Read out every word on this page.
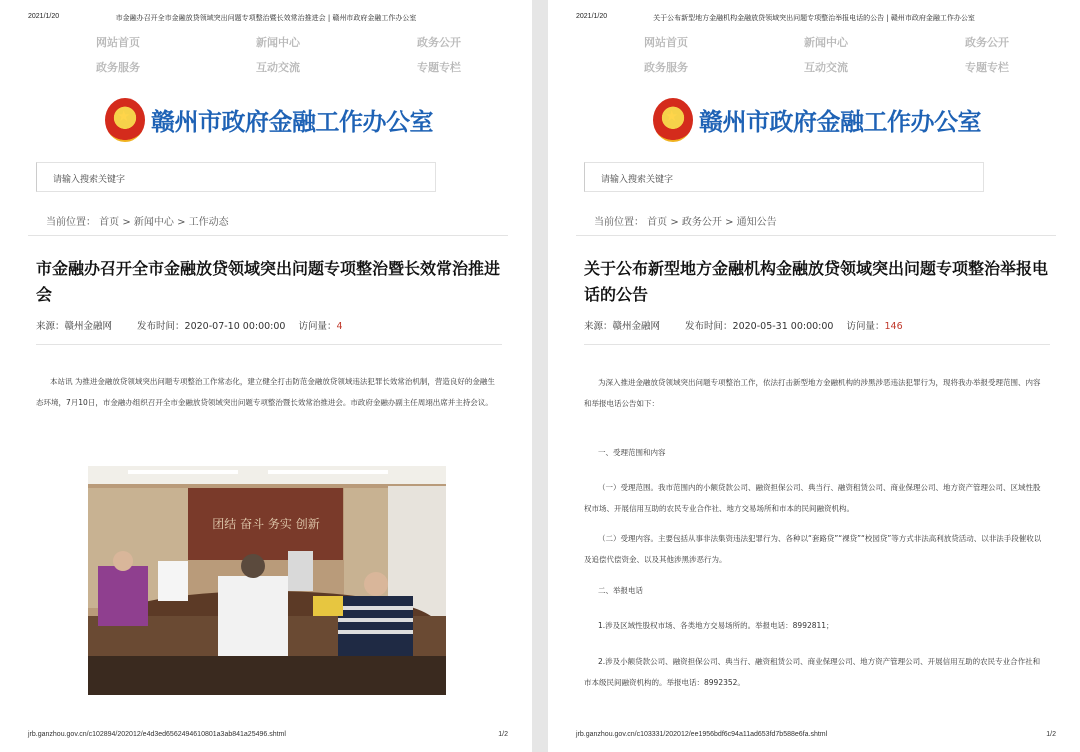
2021/1/20	市金融办召开全市金融放贷领域突出问题专项整治暨长效常治推进会 | 赣州市政府金融工作办公室
网站首页	新闻中心	政务公开
政务服务	互动交流	专题专栏
★
赣州市政府金融工作办公室
请输入搜索关键字
当前位置： 首页 > 新闻中心 > 工作动态
市金融办召开全市金融放贷领域突出问题专项整治暨长效常治推进会
来源：赣州金融网	发布时间：2020-07-10 00:00:00 访问量：4
本站讯 为推进金融放贷领域突出问题专项整治工作常态化，建立健全打击防范金融放贷领域违法犯罪长效常治机制，营造良好的金融生态环境，7月10日，市金融办组织召开全市金融放贷领域突出问题专项整治暨长效常治推进会。市政府金融办副主任周翊出席并主持会议。
团结 奋斗 务实 创新
jrb.ganzhou.gov.cn/c102894/202012/e4d3ed6562494610801a3ab841a25496.shtml	1/2
2021/1/20	关于公布新型地方金融机构金融放贷领域突出问题专项整治举报电话的公告 | 赣州市政府金融工作办公室
网站首页	新闻中心	政务公开
政务服务	互动交流	专题专栏
★
赣州市政府金融工作办公室
请输入搜索关键字
当前位置： 首页 > 政务公开 > 通知公告
关于公布新型地方金融机构金融放贷领域突出问题专项整治举报电话的公告
来源：赣州金融网	发布时间：2020-05-31 00:00:00 访问量：146
为深入推进金融放贷领域突出问题专项整治工作，依法打击新型地方金融机构的涉黑涉恶违法犯罪行为，现将我办举报受理范围、内容和举报电话公告如下：
一、受理范围和内容
（一）受理范围。我市范围内的小额贷款公司、融资担保公司、典当行、融资租赁公司、商业保理公司、地方资产管理公司、区域性股权市场、开展信用互助的农民专业合作社、地方交易场所和市本的民间融资机构。
（二）受理内容。主要包括从事非法集资违法犯罪行为、各种以“套路贷”“裸贷”“校园贷”等方式非法高利放贷活动、以非法手段催收以及追偿代偿资金、以及其他涉黑涉恶行为。
二、举报电话
1.涉及区域性股权市场、各类地方交易场所的。举报电话：8992811；
2.涉及小额贷款公司、融资担保公司、典当行、融资租赁公司、商业保理公司、地方资产管理公司、开展信用互助的农民专业合作社和市本级民间融资机构的。举报电话：8992352。
jrb.ganzhou.gov.cn/c103331/202012/ee1956bdf6c94a11ad653fd7b588e6fa.shtml	1/2
